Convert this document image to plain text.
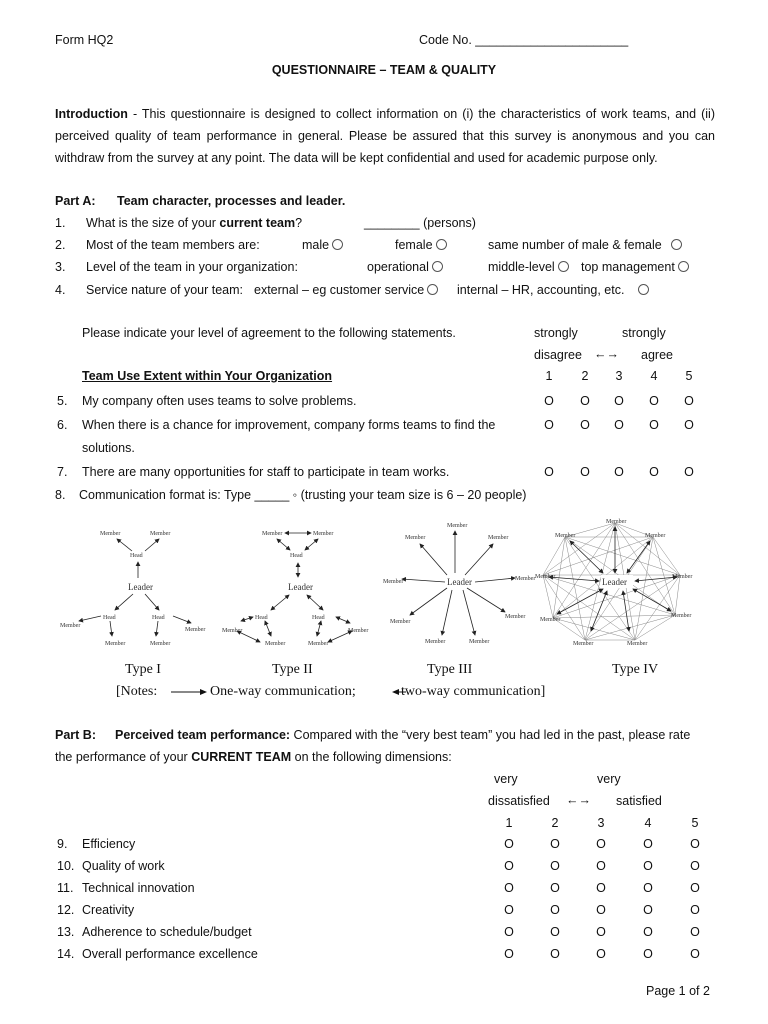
Form HQ2	Code No. ______________________
QUESTIONNAIRE – TEAM & QUALITY
Introduction - This questionnaire is designed to collect information on (i) the characteristics of work teams, and (ii) perceived quality of team performance in general. Please be assured that this survey is anonymous and you can withdraw from the survey at any point. The data will be kept confidential and used for academic purpose only.
Part A: Team character, processes and leader.
1. What is the size of your current team?	________ (persons)
2. Most of the team members are:	male	female	same number of male & female
3. Level of the team in your organization:	operational	middle-level	top management
4. Service nature of your team: external – eg customer service	internal – HR, accounting, etc.
Please indicate your level of agreement to the following statements.	strongly	strongly
disagree ←→ agree
Team Use Extent within Your Organization	1	2	3	4	5
5. My company often uses teams to solve problems.	O	O	O	O	O
6. When there is a chance for improvement, company forms teams to find the
solutions.
O	O	O	O	O
7. There are many opportunities for staff to participate in team works.	O	O	O	O	O
8. Communication format is: Type _____ ◦ (trusting your team size is 6 – 20 people)
Member	Member
Head
Leader
Head	Head
Member
Member
Member	Member
Member	Member
Head
Leader
Head	Head
Member	Member
Member	Member
Member
Member	Member
Member	Member
Leader
Member
Member
Member	Member
Leader
Member
Member	Member
Member	Member
Member
Member
Member	Member
Type I	Type II	Type III	Type IV
[Notes:	One-way communication;	two-way communication]
Part B: Perceived team performance: Compared with the “very best team” you had led in the past, please rate
the performance of your CURRENT TEAM on the following dimensions:
very	very
dissatisfied ←→ satisfied
1	2	3	4	5
9. Efficiency	O	O	O	O	O
10. Quality of work	O	O	O	O	O
11. Technical innovation	O	O	O	O	O
12. Creativity	O	O	O	O	O
13. Adherence to schedule/budget	O	O	O	O	O
14. Overall performance excellence	O	O	O	O	O
Page 1 of 2
